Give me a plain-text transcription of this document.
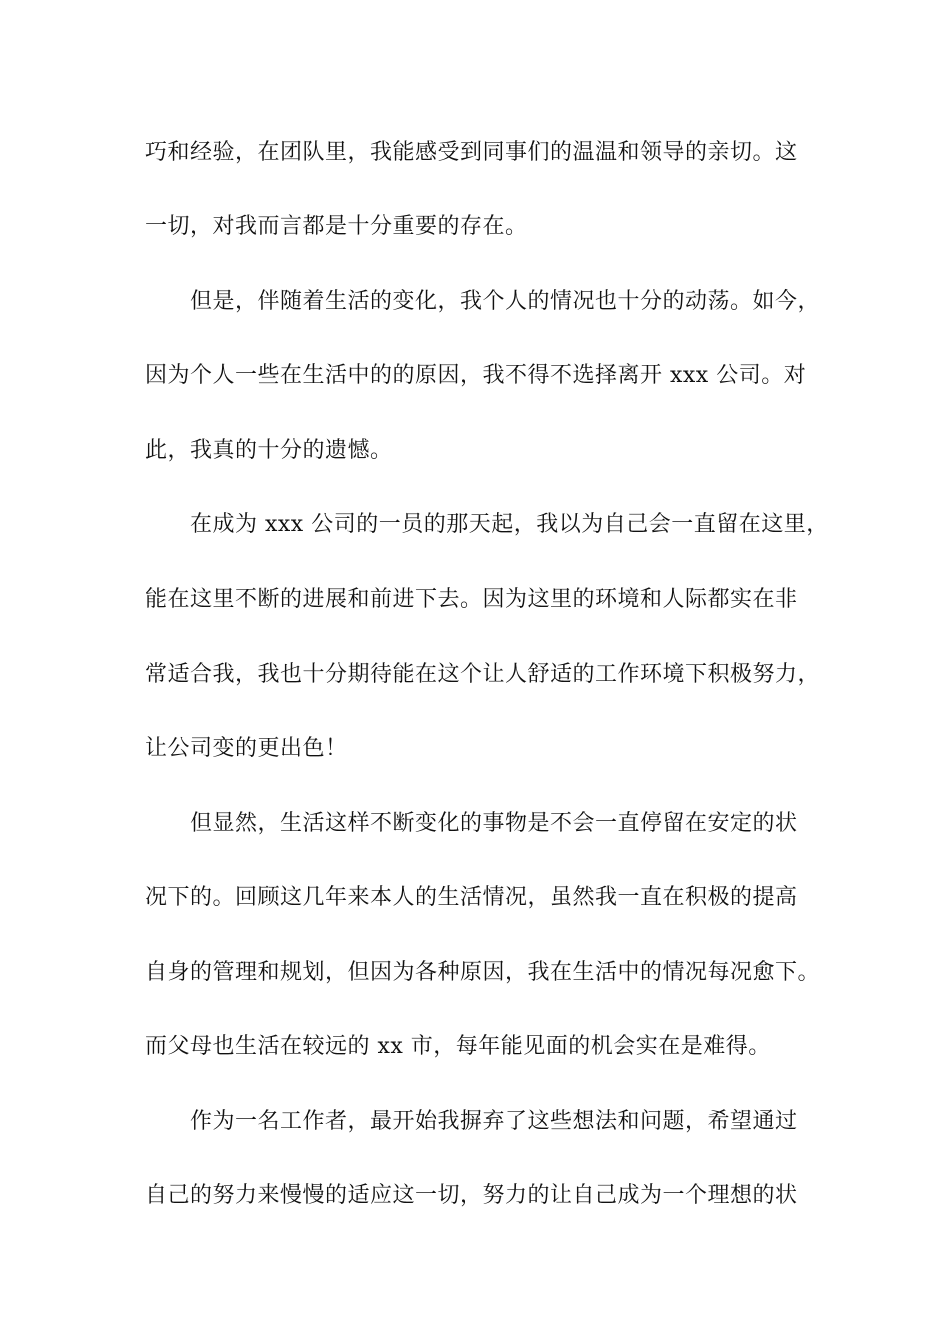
巧和经验，在团队里，我能感受到同事们的温温和领导的亲切。这
一切，对我而言都是十分重要的存在。
但是，伴随着生活的变化，我个人的情况也十分的动荡。如今，
因为个人一些在生活中的的原因，我不得不选择离开 xxx 公司。对
此，我真的十分的遗憾。
在成为 xxx 公司的一员的那天起，我以为自己会一直留在这里，
能在这里不断的进展和前进下去。因为这里的环境和人际都实在非
常适合我，我也十分期待能在这个让人舒适的工作环境下积极努力，
让公司变的更出色！
但显然，生活这样不断变化的事物是不会一直停留在安定的状
况下的。回顾这几年来本人的生活情况，虽然我一直在积极的提高
自身的管理和规划，但因为各种原因，我在生活中的情况每况愈下。
而父母也生活在较远的 xx 市，每年能见面的机会实在是难得。
作为一名工作者，最开始我摒弃了这些想法和问题，希望通过
自己的努力来慢慢的适应这一切，努力的让自己成为一个理想的状
